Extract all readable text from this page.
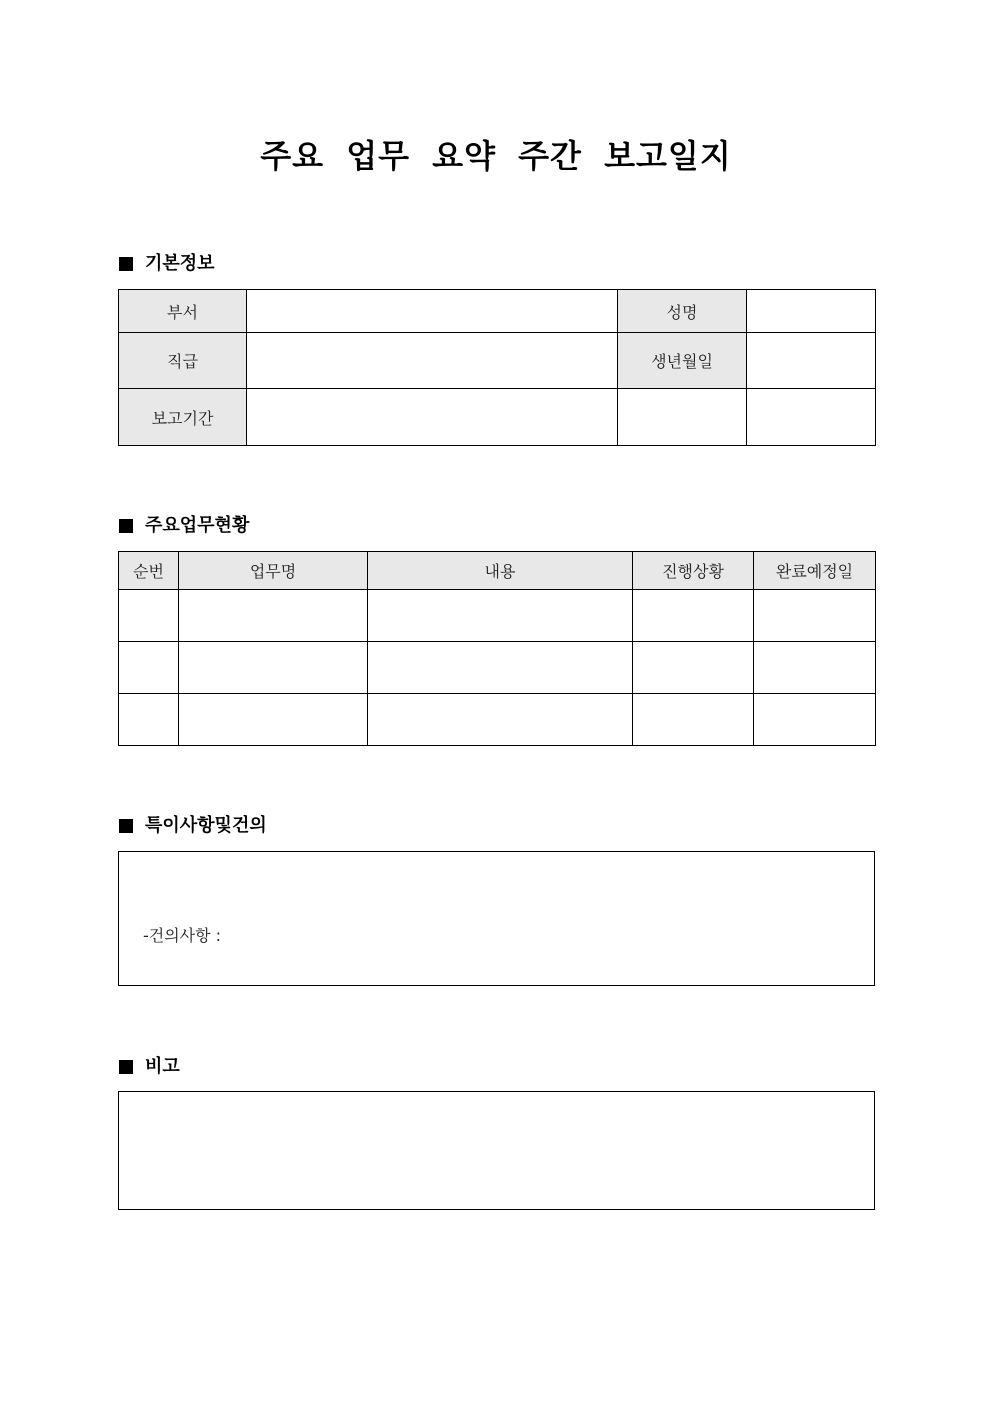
주요 업무 요약 주간 보고일지
기본정보
부서		성명	
직급		생년월일	
보고기간			
주요업무현황
순번	업무명	내용	진행상황	완료예정일

특이사항및건의
-건의사항 :
비고
